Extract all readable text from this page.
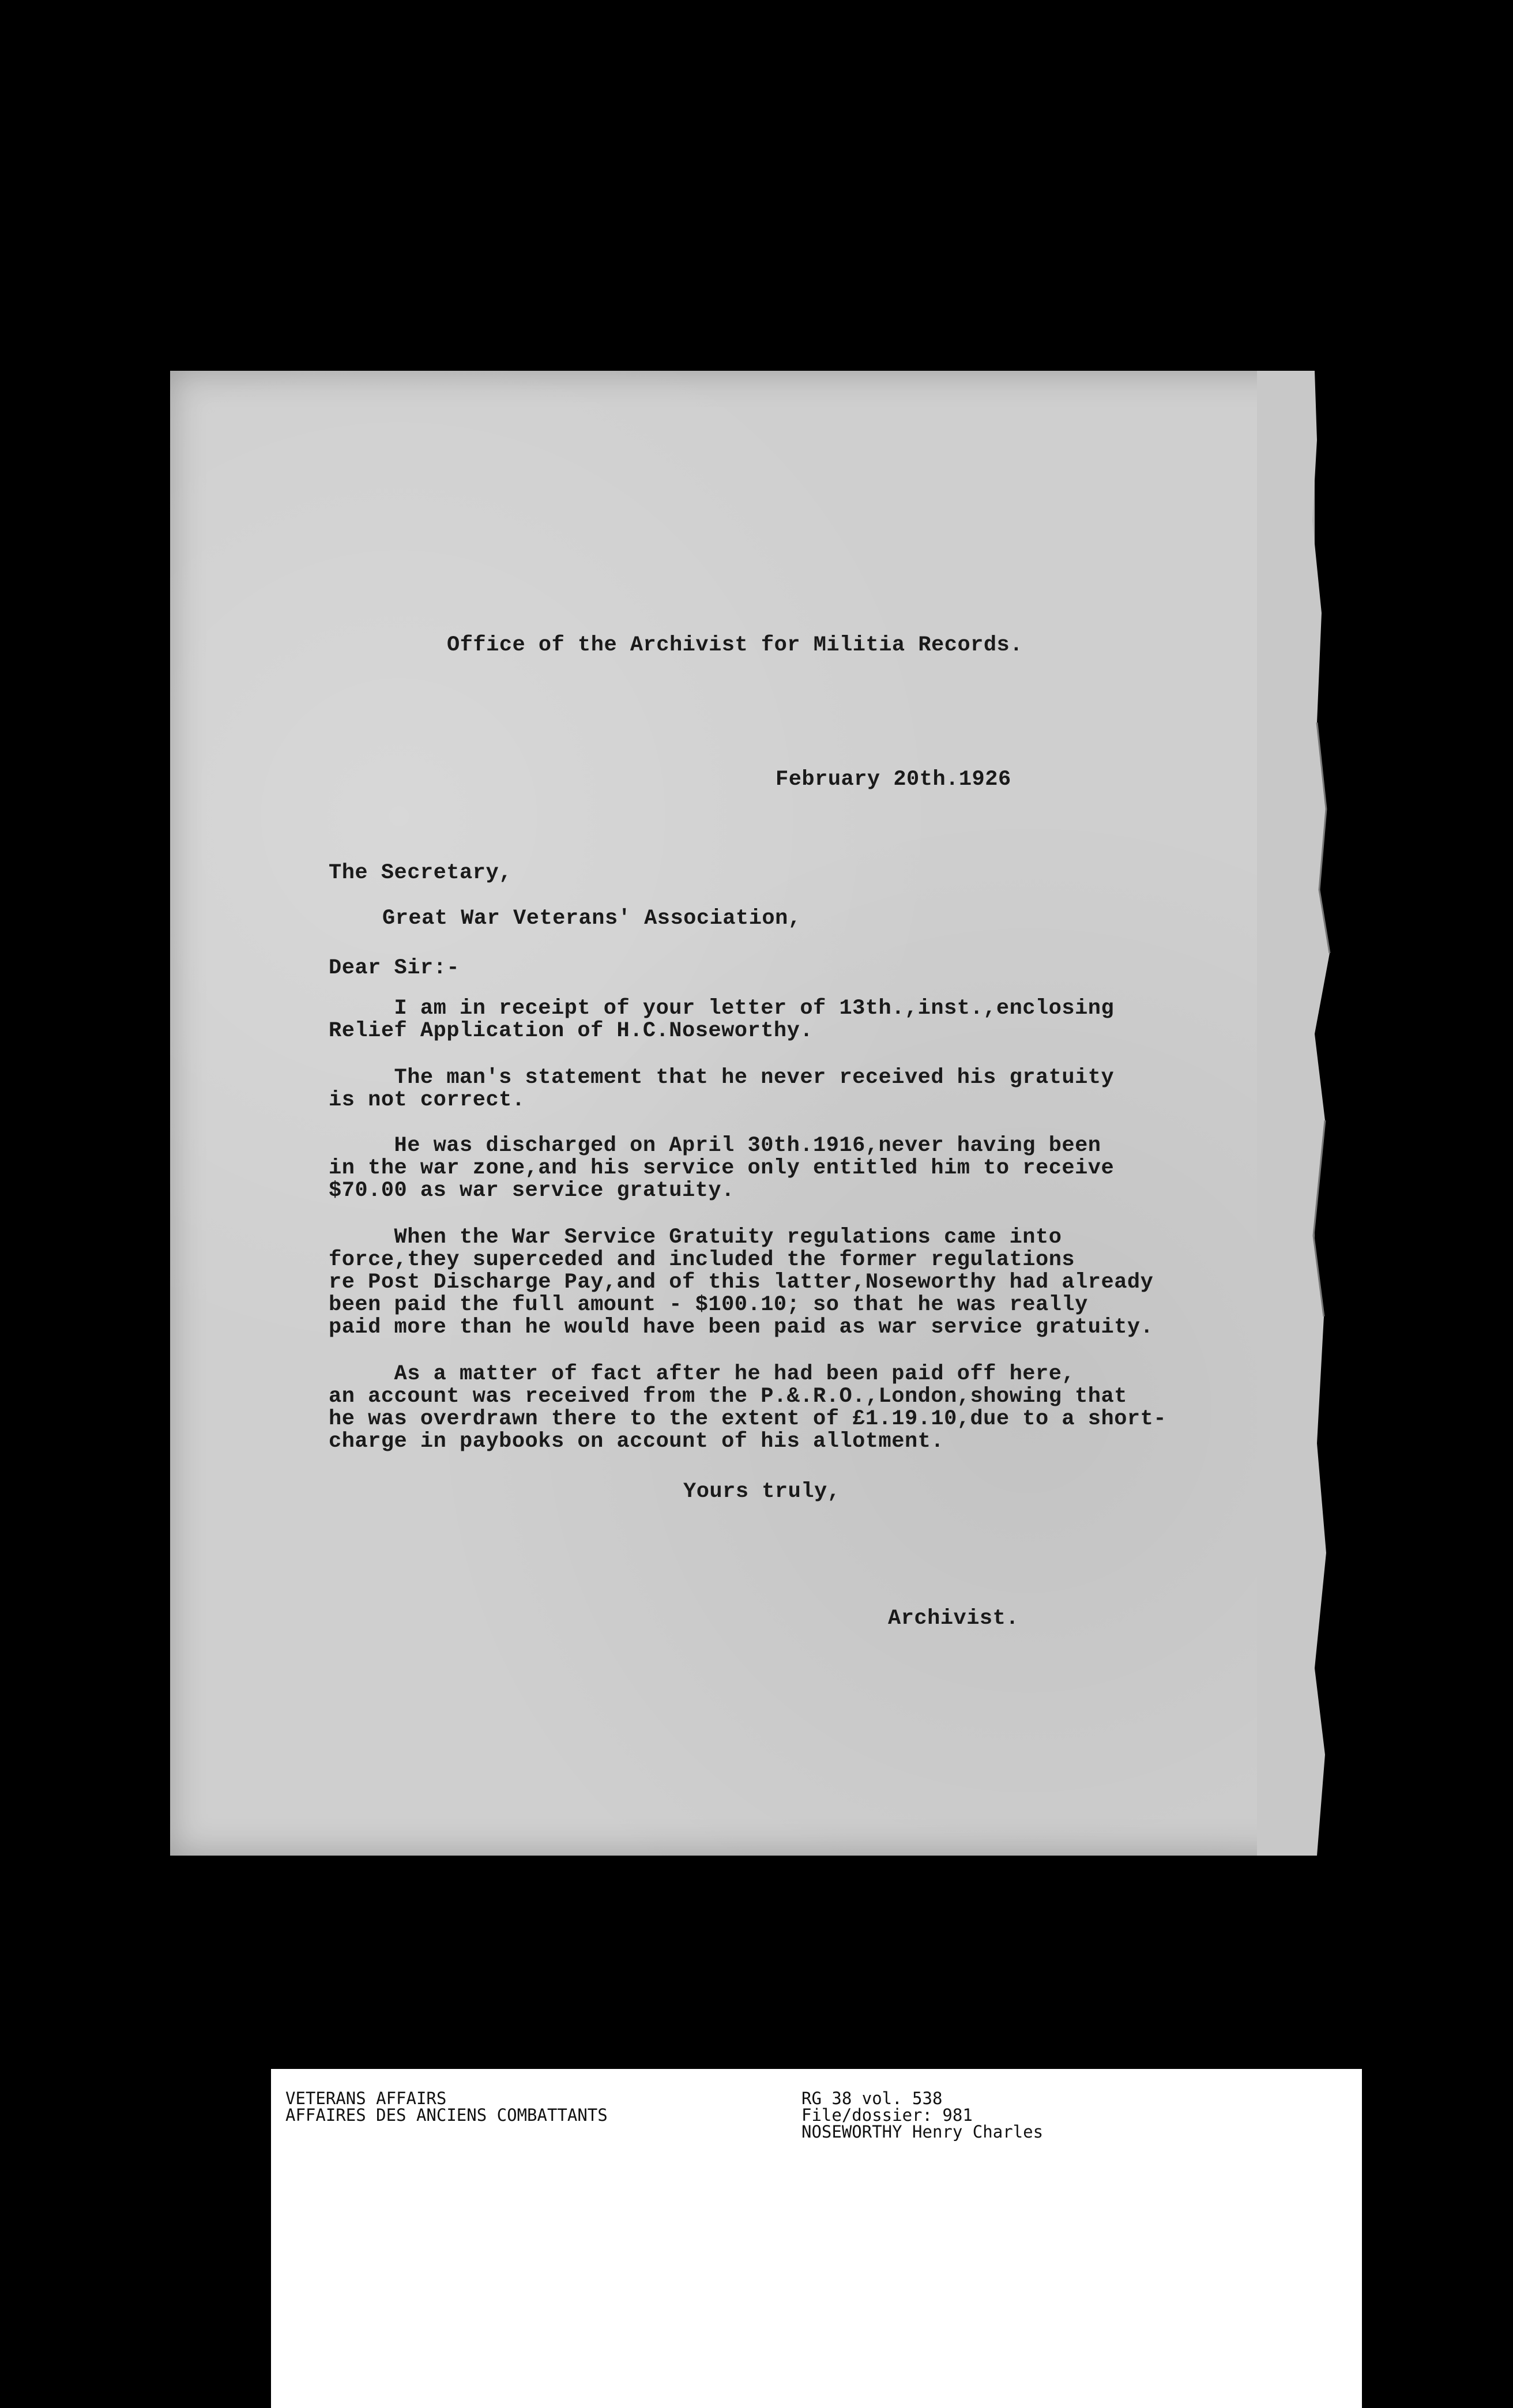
Office of the Archivist for Militia Records.
February 20th.1926
The Secretary,
Great War Veterans' Association,
Dear Sir:-
I am in receipt of your letter of 13th.,inst.,enclosing
Relief Application of H.C.Noseworthy.
The man's statement that he never received his gratuity
is not correct.
He was discharged on April 30th.1916,never having been
in the war zone,and his service only entitled him to receive
$70.00 as war service gratuity.
When the War Service Gratuity regulations came into
force,they superceded and included the former regulations
re Post Discharge Pay,and of this latter,Noseworthy had already
been paid the full amount - $100.10; so that he was really
paid more than he would have been paid as war service gratuity.
As a matter of fact after he had been paid off here,
an account was received from the P.&.R.O.,London,showing that
he was overdrawn there to the extent of £1.19.10,due to a short-
charge in paybooks on account of his allotment.
Yours truly,
Archivist.
VETERANS AFFAIRS
AFFAIRES DES ANCIENS COMBATTANTS
RG 38 vol. 538
File/dossier: 981
NOSEWORTHY Henry Charles
